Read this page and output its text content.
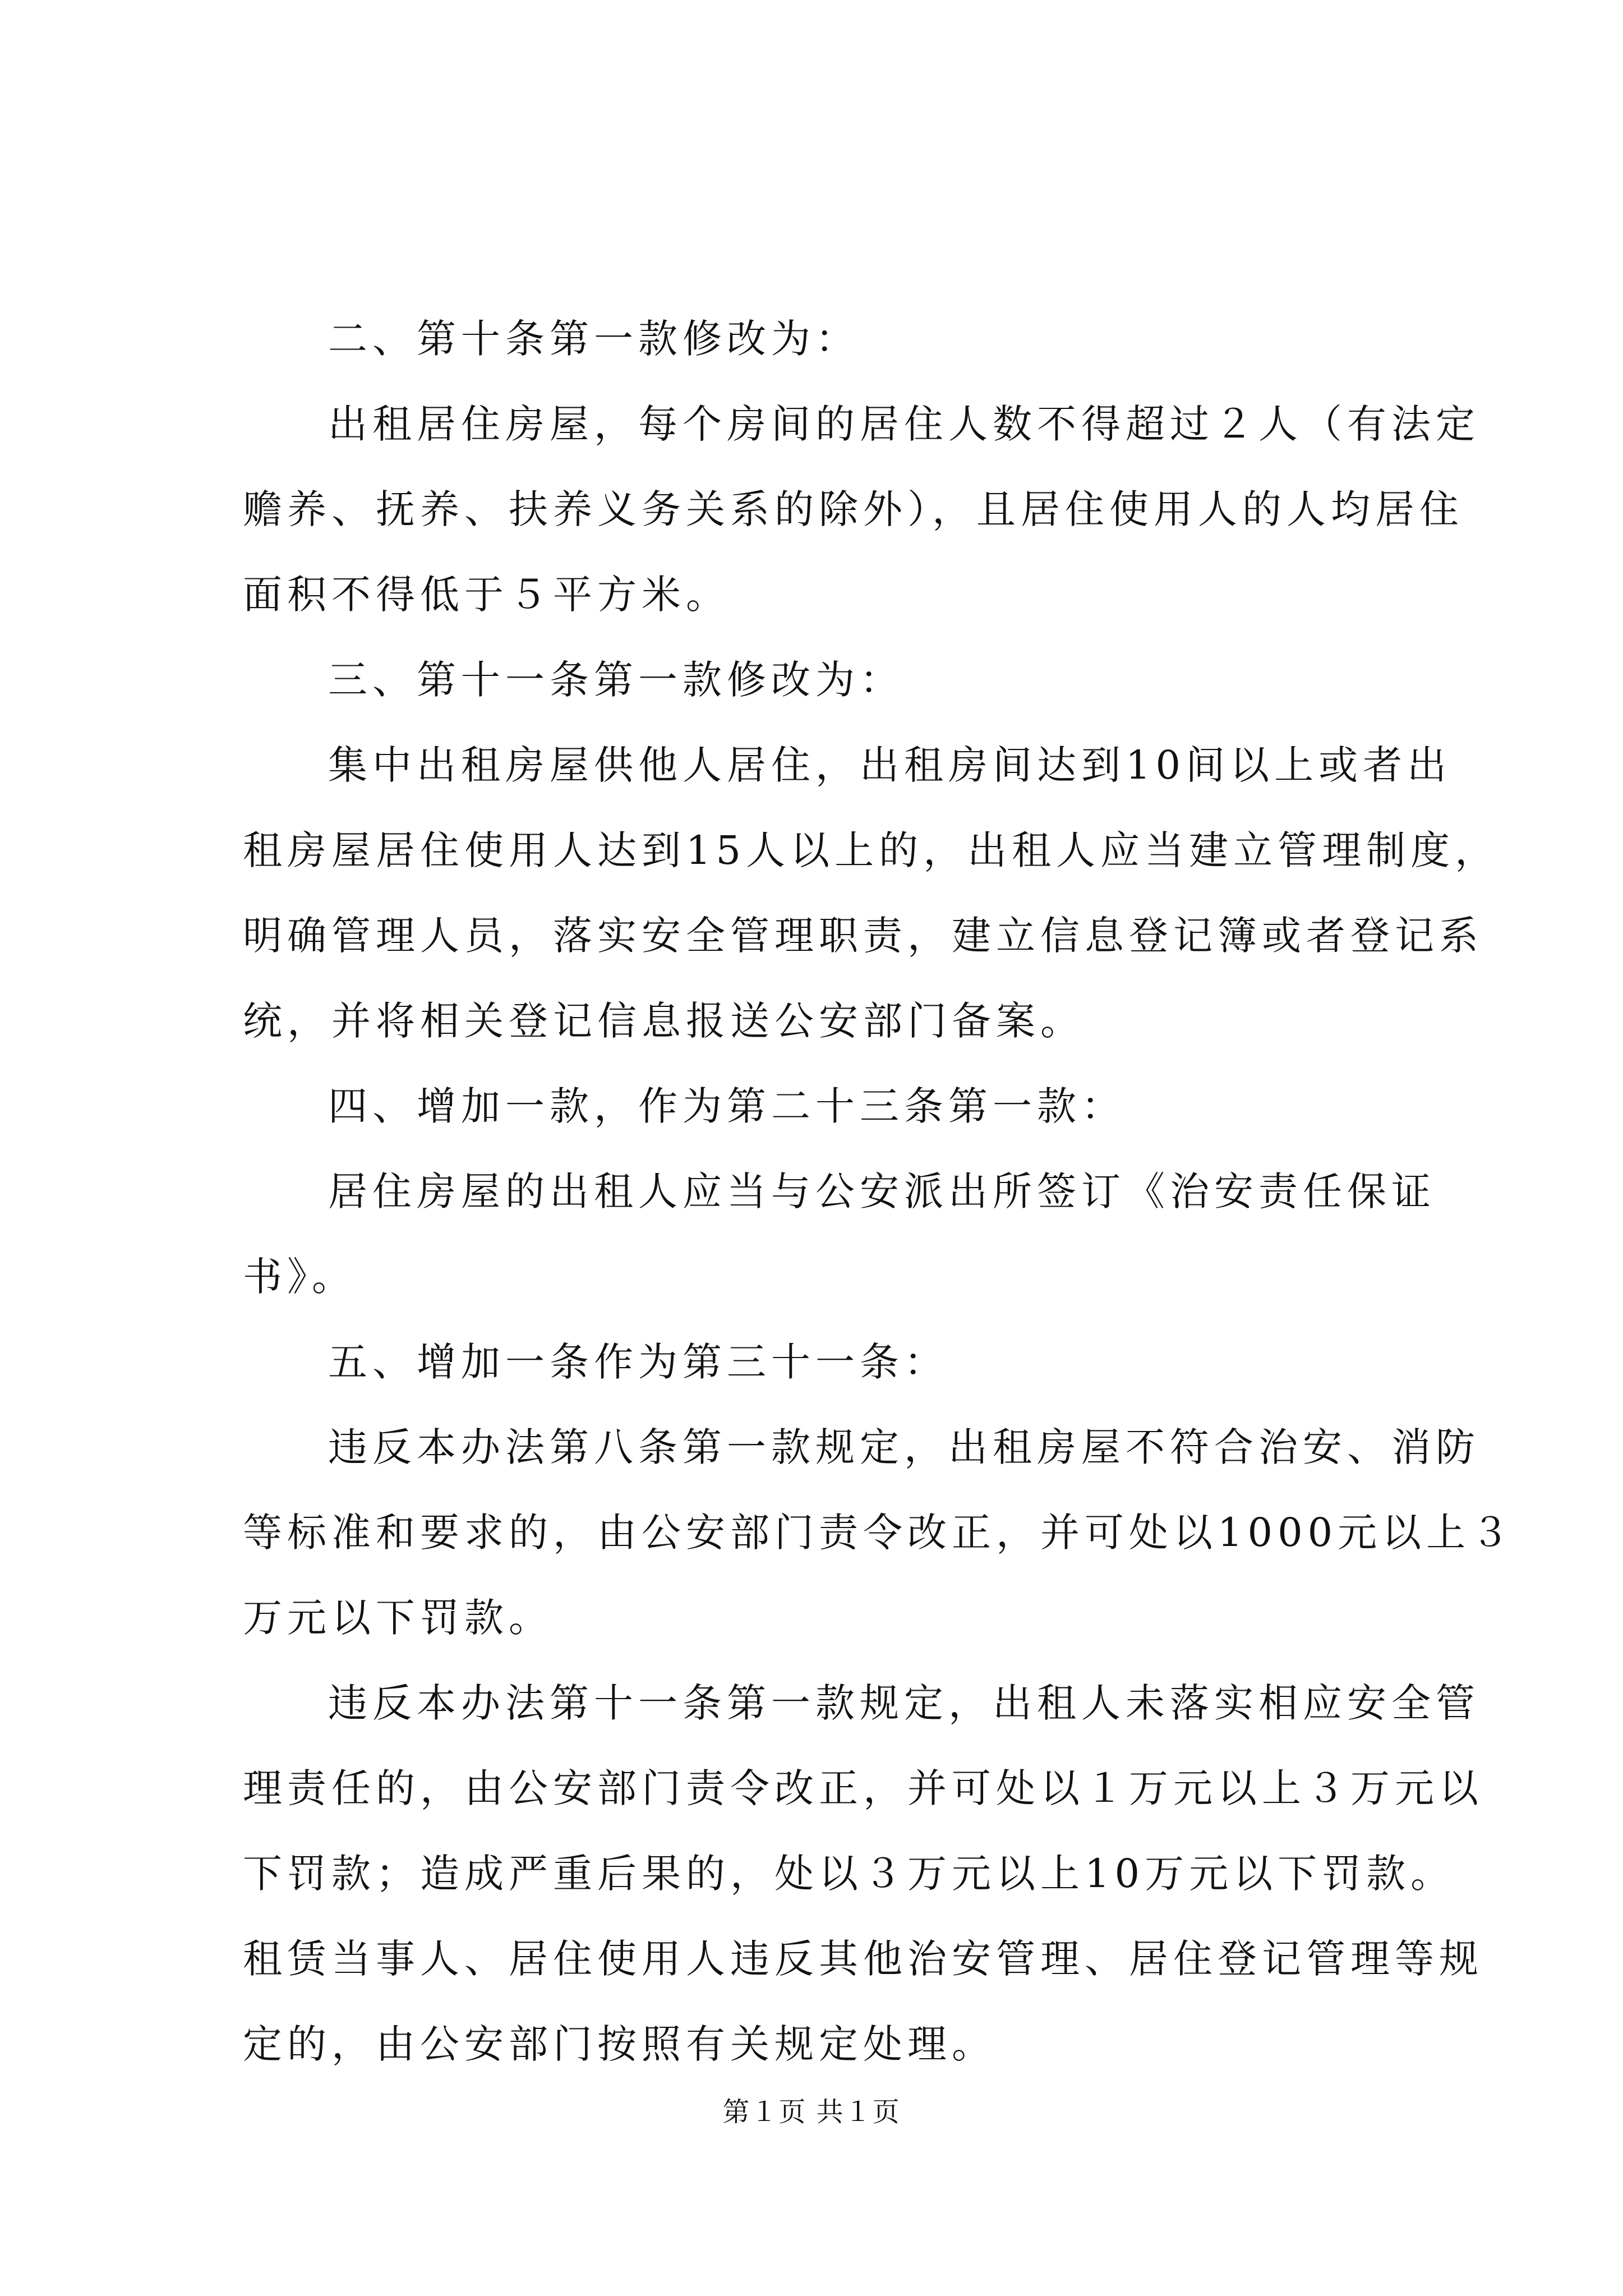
二、第十条第一款修改为：
出租居住房屋，每个房间的居住人数不得超过２人（有法定
赡养、抚养、扶养义务关系的除外），且居住使用人的人均居住
面积不得低于５平方米。
三、第十一条第一款修改为：
集中出租房屋供他人居住，出租房间达到10间以上或者出
租房屋居住使用人达到15人以上的，出租人应当建立管理制度，
明确管理人员，落实安全管理职责，建立信息登记簿或者登记系
统，并将相关登记信息报送公安部门备案。
四、增加一款，作为第二十三条第一款：
居住房屋的出租人应当与公安派出所签订《治安责任保证
书》。
五、增加一条作为第三十一条：
违反本办法第八条第一款规定，出租房屋不符合治安、消防
等标准和要求的，由公安部门责令改正，并可处以1000元以上３
万元以下罚款。
违反本办法第十一条第一款规定，出租人未落实相应安全管
理责任的，由公安部门责令改正，并可处以１万元以上３万元以
下罚款；造成严重后果的，处以３万元以上10万元以下罚款。
租赁当事人、居住使用人违反其他治安管理、居住登记管理等规
定的，由公安部门按照有关规定处理。
第１页 共１页
